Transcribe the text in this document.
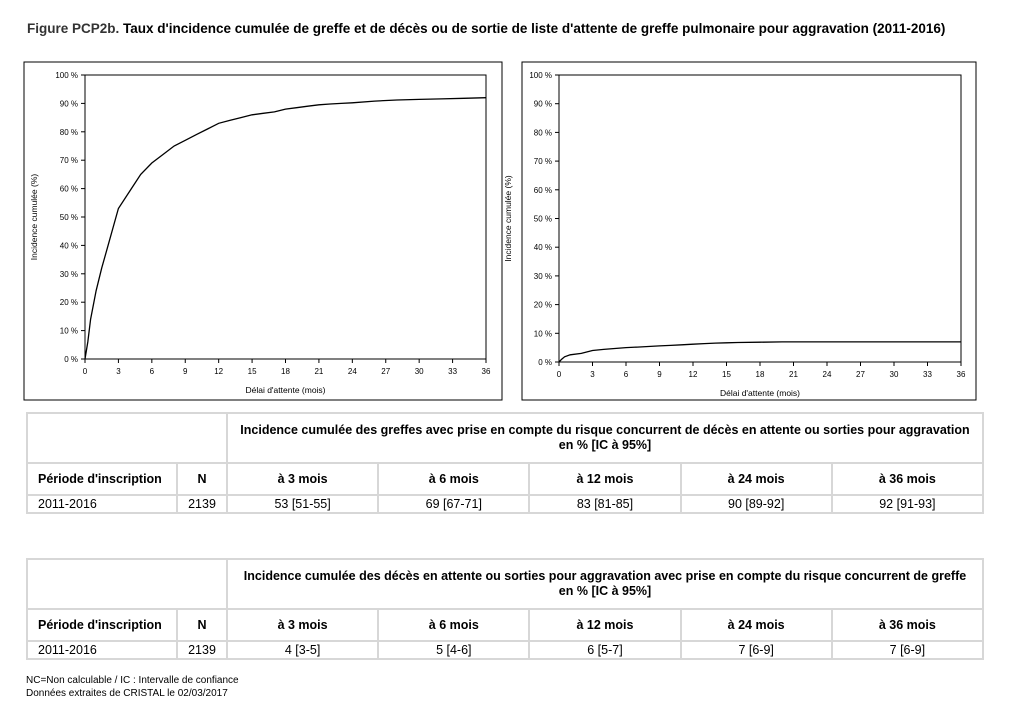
Figure PCP2b. Taux d'incidence cumulée de greffe et de décès ou de sortie de liste d'attente de greffe pulmonaire pour aggravation (2011-2016)
0 %
10 %
20 %
30 %
40 %
50 %
60 %
70 %
80 %
90 %
100 %
0	3	6	9	12	15	18	21	24	27	30	33	36
Délai d'attente (mois)
Incidence cumulée (%)
0 %
10 %
20 %
30 %
40 %
50 %
60 %
70 %
80 %
90 %
100 %
0	3	6	9	12	15	18	21	24	27	30	33	36
Délai d'attente (mois)
Incidence cumulée (%)
		Incidence cumulée des greffes avec prise en compte du risque concurrent de décès en attente ou sorties pour aggravation
en % [IC à 95%]				
Période d'inscription	N	à 3 mois	à 6 mois	à 12 mois	à 24 mois	à 36 mois
2011-2016	2139	53 [51-55]	69 [67-71]	83 [81-85]	90 [89-92]	92 [91-93]
		Incidence cumulée des décès en attente ou sorties pour aggravation avec prise en compte du risque concurrent de greffe
en % [IC à 95%]				
Période d'inscription	N	à 3 mois	à 6 mois	à 12 mois	à 24 mois	à 36 mois
2011-2016	2139	4 [3-5]	5 [4-6]	6 [5-7]	7 [6-9]	7 [6-9]
NC=Non calculable / IC : Intervalle de confiance
Données extraites de CRISTAL le 02/03/2017
